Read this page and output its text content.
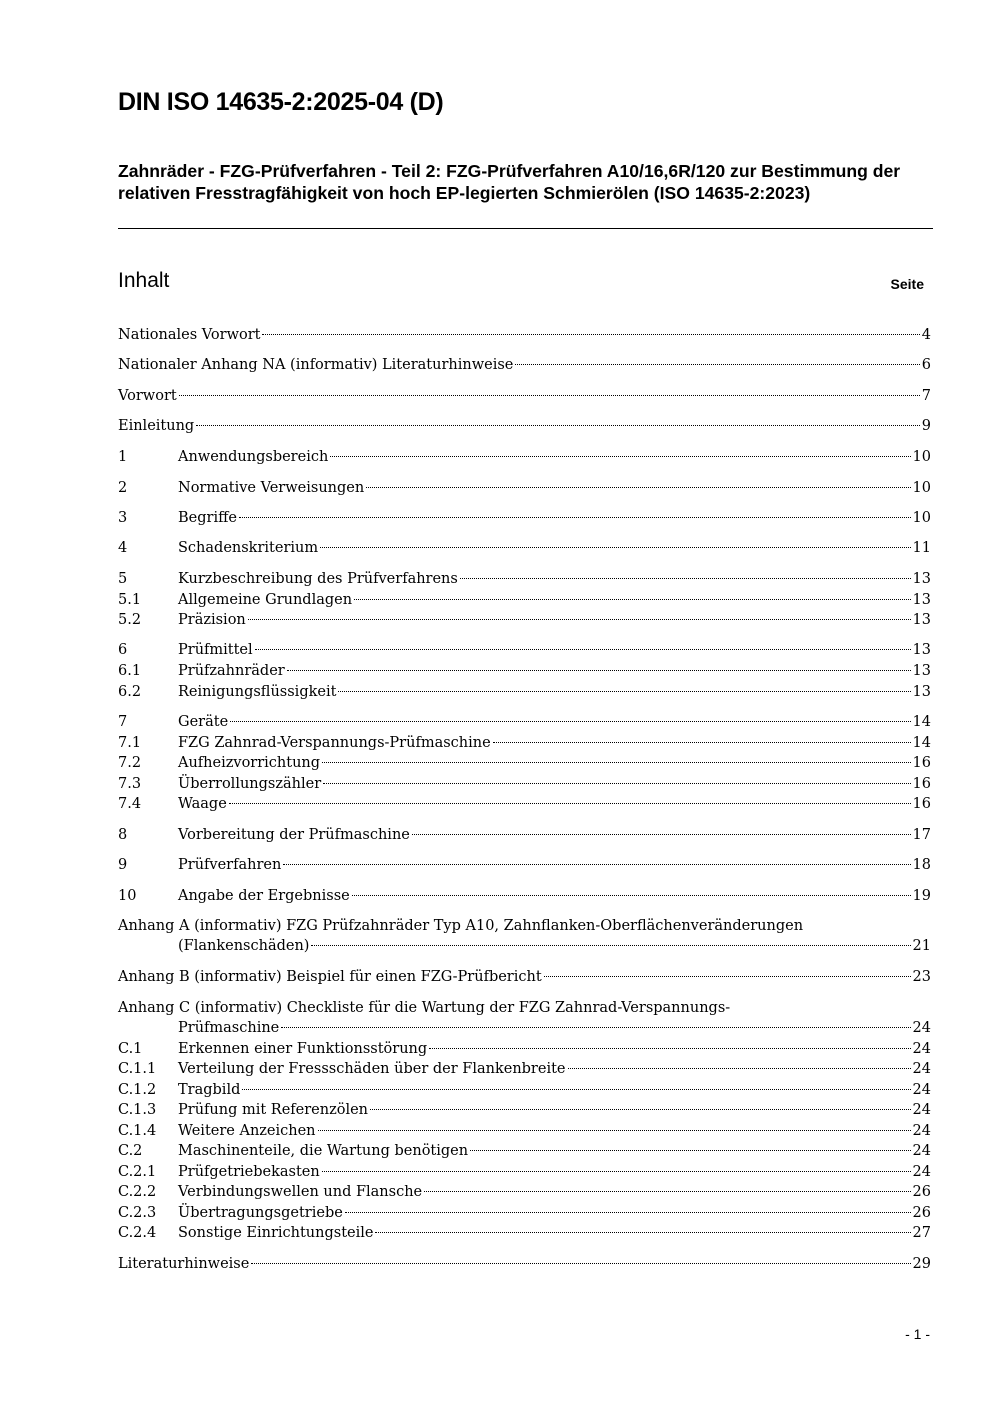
DIN ISO 14635-2:2025-04 (D)
Zahnräder - FZG-Prüfverfahren - Teil 2: FZG-Prüfverfahren A10/16,6R/120 zur Bestimmung der relativen Fresstragfähigkeit von hoch EP-legierten Schmierölen (ISO 14635-2:2023)
Inhalt	Seite
Nationales Vorwort	4
Nationaler Anhang NA (informativ) Literaturhinweise	6
Vorwort	7
Einleitung	9
1	Anwendungsbereich	10
2	Normative Verweisungen	10
3	Begriffe	10
4	Schadenskriterium	11
5	Kurzbeschreibung des Prüfverfahrens	13
5.1	Allgemeine Grundlagen	13
5.2	Präzision	13
6	Prüfmittel	13
6.1	Prüfzahnräder	13
6.2	Reinigungsflüssigkeit	13
7	Geräte	14
7.1	FZG Zahnrad-Verspannungs-Prüfmaschine	14
7.2	Aufheizvorrichtung	16
7.3	Überrollungszähler	16
7.4	Waage	16
8	Vorbereitung der Prüfmaschine	17
9	Prüfverfahren	18
10	Angabe der Ergebnisse	19
Anhang A (informativ) FZG Prüfzahnräder Typ A10, Zahnflanken-Oberflächenveränderungen
(Flankenschäden)	21
Anhang B (informativ) Beispiel für einen FZG-Prüfbericht	23
Anhang C (informativ) Checkliste für die Wartung der FZG Zahnrad-Verspannungs-
Prüfmaschine	24
C.1	Erkennen einer Funktionsstörung	24
C.1.1	Verteilung der Fressschäden über der Flankenbreite	24
C.1.2	Tragbild	24
C.1.3	Prüfung mit Referenzölen	24
C.1.4	Weitere Anzeichen	24
C.2	Maschinenteile, die Wartung benötigen	24
C.2.1	Prüfgetriebekasten	24
C.2.2	Verbindungswellen und Flansche	26
C.2.3	Übertragungsgetriebe	26
C.2.4	Sonstige Einrichtungsteile	27
Literaturhinweise	29
- 1 -
